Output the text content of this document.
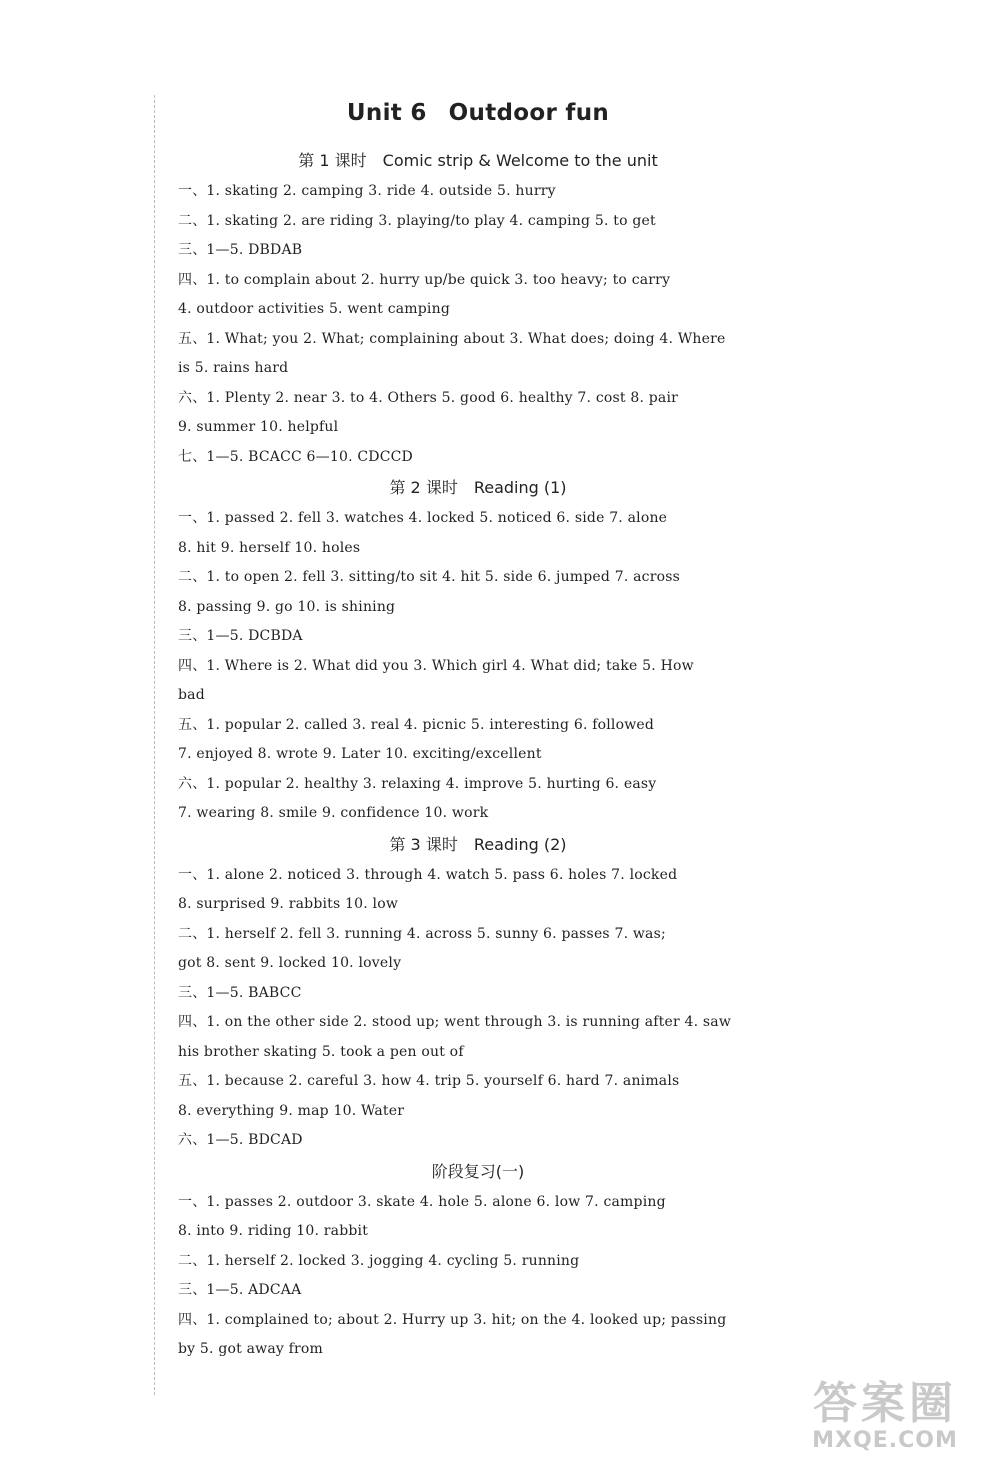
Unit 6 Outdoor fun
第 1 课时 Comic strip & Welcome to the unit
一、1. skating 2. camping 3. ride 4. outside 5. hurry
二、1. skating 2. are riding 3. playing/to play 4. camping 5. to get
三、1—5. DBDAB
四、1. to complain about 2. hurry up/be quick 3. too heavy; to carry
4. outdoor activities 5. went camping
五、1. What; you 2. What; complaining about 3. What does; doing 4. Where
is 5. rains hard
六、1. Plenty 2. near 3. to 4. Others 5. good 6. healthy 7. cost 8. pair
9. summer 10. helpful
七、1—5. BCACC 6—10. CDCCD
第 2 课时 Reading (1)
一、1. passed 2. fell 3. watches 4. locked 5. noticed 6. side 7. alone
8. hit 9. herself 10. holes
二、1. to open 2. fell 3. sitting/to sit 4. hit 5. side 6. jumped 7. across
8. passing 9. go 10. is shining
三、1—5. DCBDA
四、1. Where is 2. What did you 3. Which girl 4. What did; take 5. How
bad
五、1. popular 2. called 3. real 4. picnic 5. interesting 6. followed
7. enjoyed 8. wrote 9. Later 10. exciting/excellent
六、1. popular 2. healthy 3. relaxing 4. improve 5. hurting 6. easy
7. wearing 8. smile 9. confidence 10. work
第 3 课时 Reading (2)
一、1. alone 2. noticed 3. through 4. watch 5. pass 6. holes 7. locked
8. surprised 9. rabbits 10. low
二、1. herself 2. fell 3. running 4. across 5. sunny 6. passes 7. was;
got 8. sent 9. locked 10. lovely
三、1—5. BABCC
四、1. on the other side 2. stood up; went through 3. is running after 4. saw
his brother skating 5. took a pen out of
五、1. because 2. careful 3. how 4. trip 5. yourself 6. hard 7. animals
8. everything 9. map 10. Water
六、1—5. BDCAD
阶段复习(一)
一、1. passes 2. outdoor 3. skate 4. hole 5. alone 6. low 7. camping
8. into 9. riding 10. rabbit
二、1. herself 2. locked 3. jogging 4. cycling 5. running
三、1—5. ADCAA
四、1. complained to; about 2. Hurry up 3. hit; on the 4. looked up; passing
by 5. got away from
答案圈
MXQE.COM
